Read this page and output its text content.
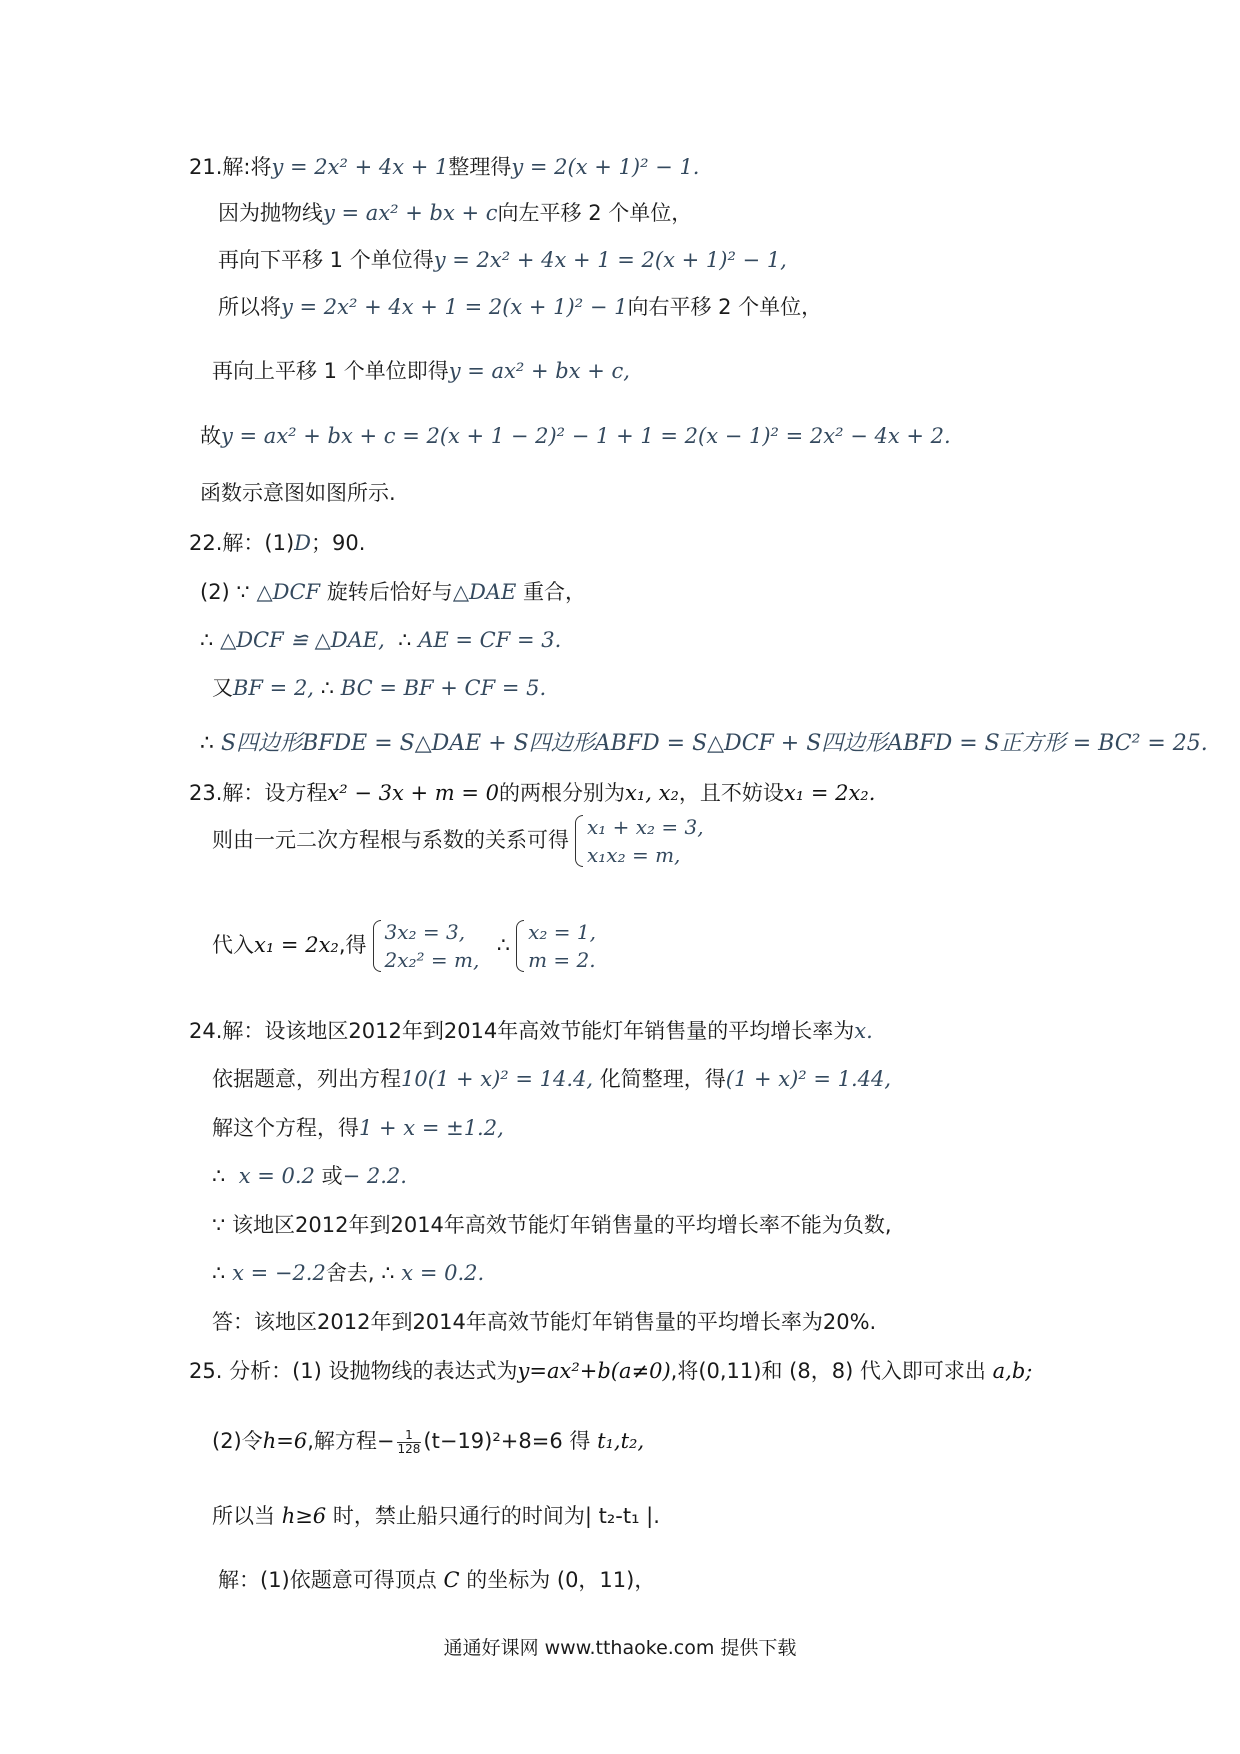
21.解:将y = 2x² + 4x + 1整理得y = 2(x + 1)² − 1.
因为抛物线y = ax² + bx + c向左平移 2 个单位，
再向下平移 1 个单位得y = 2x² + 4x + 1 = 2(x + 1)² − 1,
所以将y = 2x² + 4x + 1 = 2(x + 1)² − 1向右平移 2 个单位，
再向上平移 1 个单位即得y = ax² + bx + c,
故y = ax² + bx + c = 2(x + 1 − 2)² − 1 + 1 = 2(x − 1)² = 2x² − 4x + 2.
函数示意图如图所示.
22.解：(1)D；90.
(2) ∵ △DCF 旋转后恰好与△DAE 重合，
∴ △DCF ≌ △DAE, ∴ AE = CF = 3.
又BF = 2, ∴ BC = BF + CF = 5.
∴ S四边形BFDE = S△DAE + S四边形ABFD = S△DCF + S四边形ABFD = S正方形 = BC² = 25.
23.解：设方程x² − 3x + m = 0的两根分别为x₁, x₂，且不妨设x₁ = 2x₂.
则由一元二次方程根与系数的关系可得
x₁ + x₂ = 3,
x₁x₂ = m,
代入x₁ = 2x₂,得
3x₂ = 3,
2x₂² = m,
∴
x₂ = 1,
m = 2.
24.解：设该地区2012年到2014年高效节能灯年销售量的平均增长率为x.
依据题意，列出方程10(1 + x)² = 14.4, 化简整理，得(1 + x)² = 1.44,
解这个方程，得1 + x = ±1.2,
∴ x = 0.2 或− 2.2.
∵ 该地区2012年到2014年高效节能灯年销售量的平均增长率不能为负数,
∴ x = −2.2舍去, ∴ x = 0.2.
答：该地区2012年到2014年高效节能灯年销售量的平均增长率为20%.
25. 分析：(1) 设抛物线的表达式为y=ax²+b(a≠0),将(0,11)和 (8，8) 代入即可求出 a,b;
(2)令h=6,解方程− $\frac{1}{128} (t-19)^2+8=6$ 得 t₁,t₂,
所以当 h≥6 时，禁止船只通行的时间为| t₂-t₁ |.
解：(1)依题意可得顶点 C 的坐标为 (0，11)，
通通好课网 www.tthaoke.com 提供下载
